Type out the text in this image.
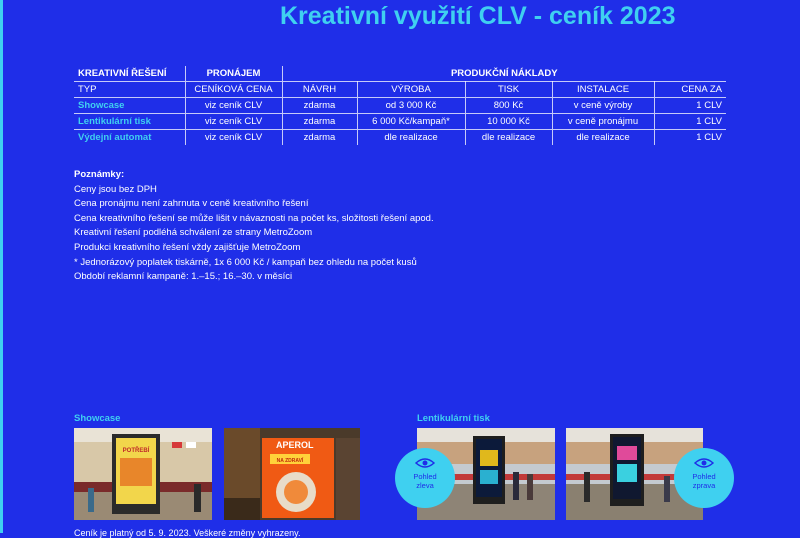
Kreativní využití CLV - ceník 2023
KREATIVNÍ ŘEŠENÍ	PRONÁJEM	PRODUKČNÍ NÁKLADY				
TYP	CENÍKOVÁ CENA	NÁVRH	VÝROBA	TISK	INSTALACE	CENA ZA
Showcase	viz ceník CLV	zdarma	od 3 000 Kč	800 Kč	v ceně výroby	1 CLV
Lentikulární tisk	viz ceník CLV	zdarma	6 000 Kč/kampaň*	10 000 Kč	v ceně pronájmu	1 CLV
Výdejní automat	viz ceník CLV	zdarma	dle realizace	dle realizace	dle realizace	1 CLV
Poznámky:
Ceny jsou bez DPH
Cena pronájmu není zahrnuta v ceně kreativního řešení
Cena kreativního řešení se může lišit v návaznosti na počet ks, složitosti řešení apod.
Kreativní řešení podléhá schválení ze strany MetroZoom
Produkci kreativního řešení vždy zajišťuje MetroZoom
* Jednorázový poplatek tiskárně, 1x 6 000 Kč / kampaň bez ohledu na počet kusů
Období reklamní kampaně: 1.–15.; 16.–30. v měsíci
Showcase	Lentikulární tisk
POTŘEBÍ
APEROL
NA ZDRAVÍ
Pohled
zleva
Pohled
zprava
Ceník je platný od 5. 9. 2023. Veškeré změny vyhrazeny.
